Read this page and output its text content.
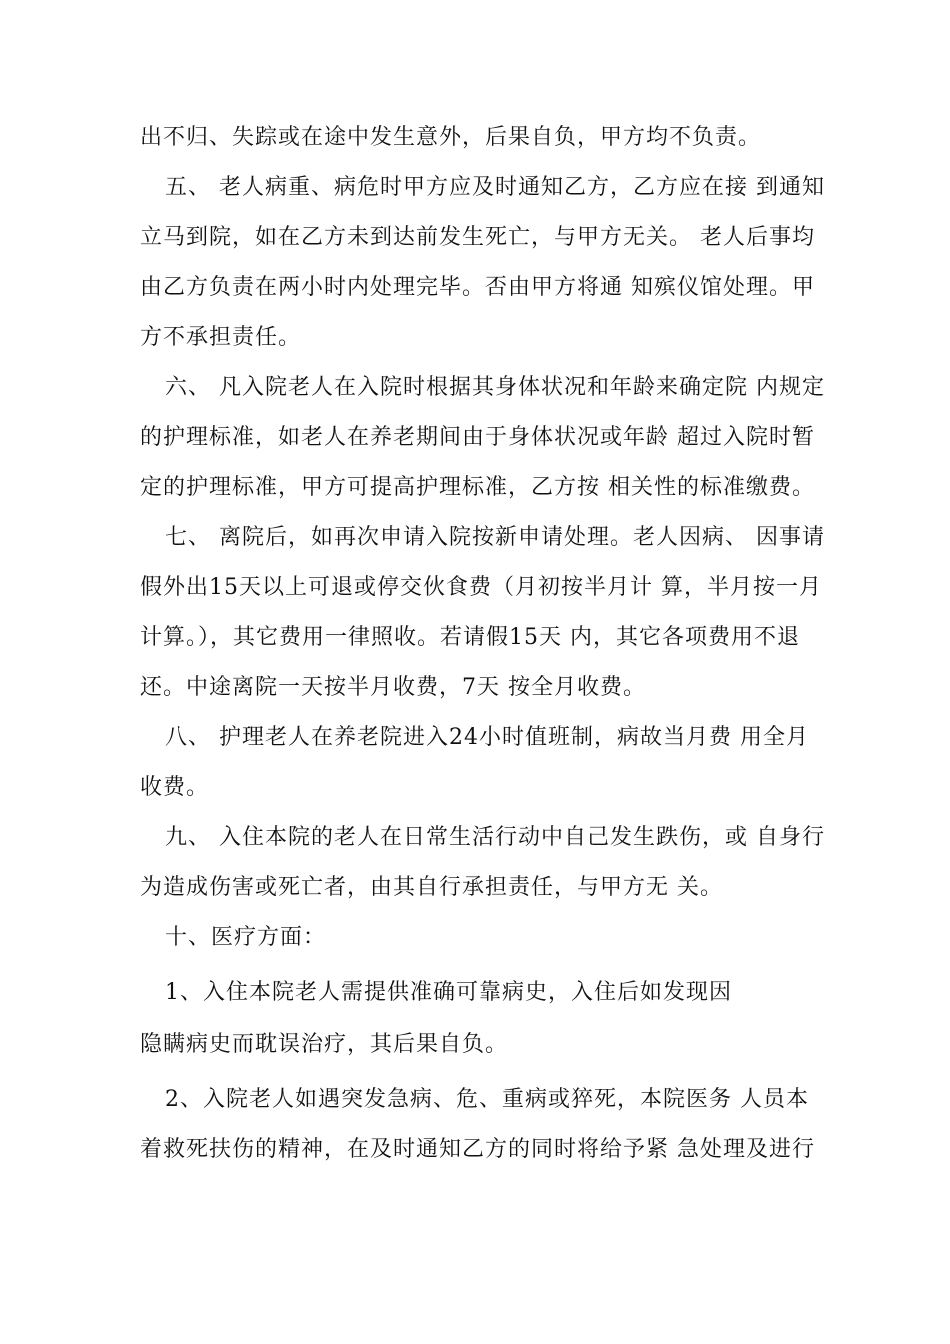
出不归、失踪或在途中发生意外，后果自负，甲方均不负责。
五、 老人病重、病危时甲方应及时通知乙方，乙方应在接 到通知
立马到院，如在乙方未到达前发生死亡，与甲方无关。 老人后事均
由乙方负责在两小时内处理完毕。否由甲方将通 知殡仪馆处理。甲
方不承担责任。
六、 凡入院老人在入院时根据其身体状况和年龄来确定院 内规定
的护理标准，如老人在养老期间由于身体状况或年龄 超过入院时暂
定的护理标准，甲方可提高护理标准，乙方按 相关性的标准缴费。
七、 离院后，如再次申请入院按新申请处理。老人因病、 因事请
假外出15天以上可退或停交伙食费（月初按半月计 算，半月按一月
计算。），其它费用一律照收。若请假15天 内，其它各项费用不退
还。中途离院一天按半月收费，7天 按全月收费。
八、 护理老人在养老院进入24小时值班制，病故当月费 用全月
收费。
九、 入住本院的老人在日常生活行动中自己发生跌伤，或 自身行
为造成伤害或死亡者，由其自行承担责任，与甲方无 关。
十、医疗方面：
1、入住本院老人需提供准确可靠病史，入住后如发现因
隐瞒病史而耽误治疗，其后果自负。
2、入院老人如遇突发急病、危、重病或猝死，本院医务 人员本
着救死扶伤的精神，在及时通知乙方的同时将给予紧 急处理及进行
